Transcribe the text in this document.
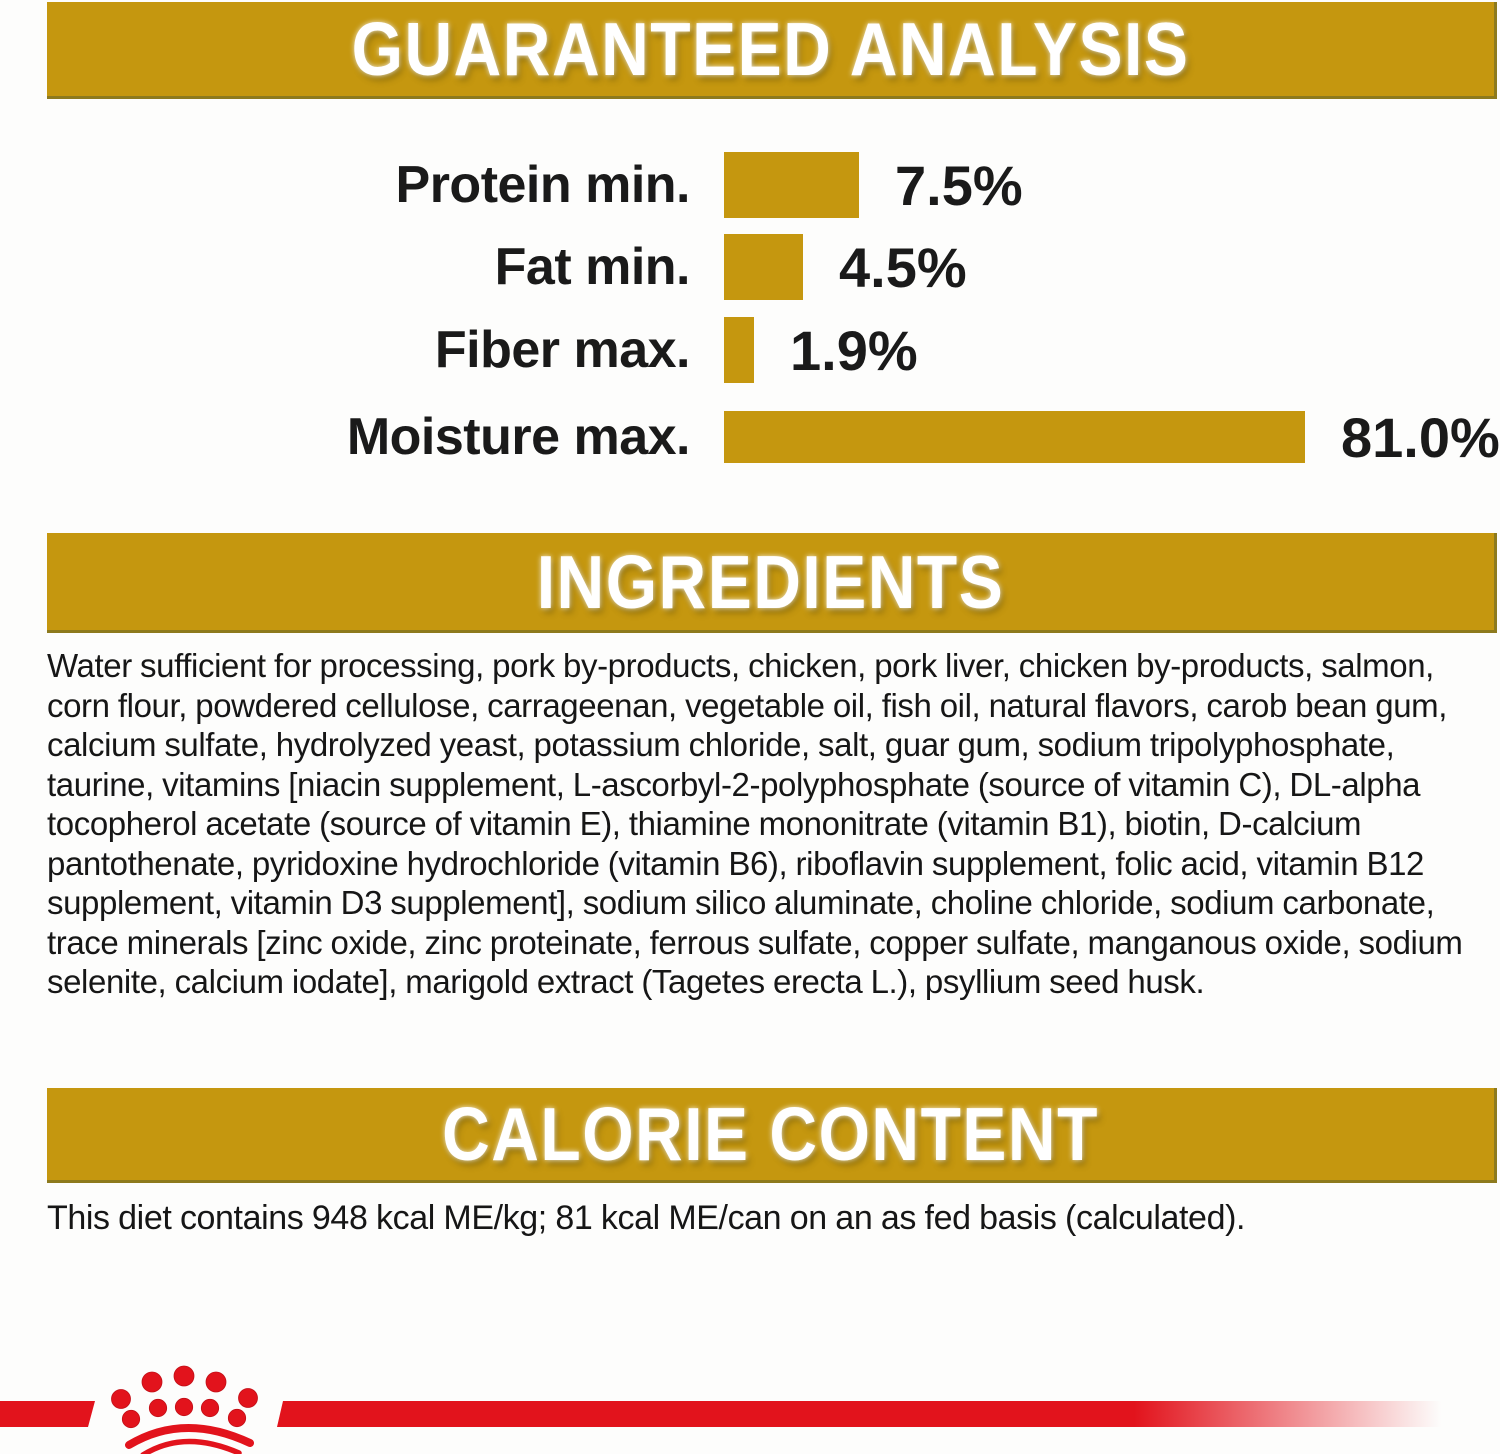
GUARANTEED ANALYSIS
Protein min.	7.5%
Fat min.	4.5%
Fiber max. 1.9%
Moisture max.	81.0%
INGREDIENTS
Water sufficient for processing, pork by-products, chicken, pork liver, chicken by-products, salmon, corn flour, powdered cellulose, carrageenan, vegetable oil, fish oil, natural flavors, carob bean gum, calcium sulfate, hydrolyzed yeast, potassium chloride, salt, guar gum, sodium tripolyphosphate, taurine, vitamins [niacin supplement, L-ascorbyl-2-polyphosphate (source of vitamin C), DL-alpha tocopherol acetate (source of vitamin E), thiamine mononitrate (vitamin B1), biotin, D-calcium pantothenate, pyridoxine hydrochloride (vitamin B6), riboflavin supplement, folic acid, vitamin B12 supplement, vitamin D3 supplement], sodium silico aluminate, choline chloride, sodium carbonate, trace minerals [zinc oxide, zinc proteinate, ferrous sulfate, copper sulfate, manganous oxide, sodium selenite, calcium iodate], marigold extract (Tagetes erecta L.), psyllium seed husk.
CALORIE CONTENT
This diet contains 948 kcal ME/kg; 81 kcal ME/can on an as fed basis (calculated).
